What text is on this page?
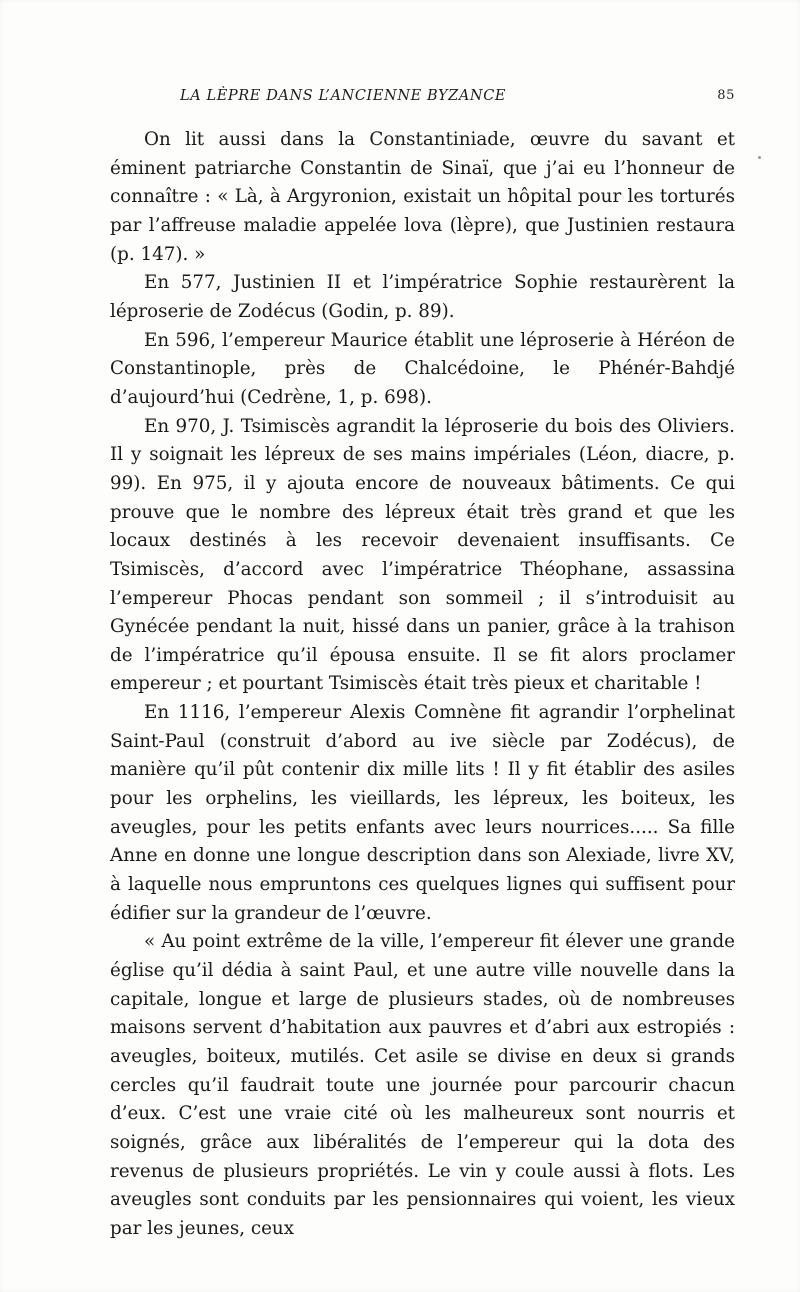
LA LÈPRE DANS L’ANCIENNE BYZANCE	85

On lit aussi dans la Constantiniade, œuvre du savant et éminent patriarche Constantin de Sinaï, que j’ai eu l’honneur de connaître : « Là, à Argyronion, existait un hôpital pour les torturés par l’affreuse maladie appelée lova (lèpre), que Justinien restaura (p. 147). »

En 577, Justinien II et l’impératrice Sophie restaurèrent la léproserie de Zodécus (Godin, p. 89).

En 596, l’empereur Maurice établit une léproserie à Héréon de Constantinople, près de Chalcédoine, le Phénér-Bahdjé d’aujourd’hui (Cedrène, 1, p. 698).

En 970, J. Tsimiscès agrandit la léproserie du bois des Oliviers. Il y soignait les lépreux de ses mains impériales (Léon, diacre, p. 99). En 975, il y ajouta encore de nouveaux bâtiments. Ce qui prouve que le nombre des lépreux était très grand et que les locaux destinés à les recevoir devenaient insuffisants. Ce Tsimiscès, d’accord avec l’impératrice Théophane, assassina l’empereur Phocas pendant son sommeil ; il s’introduisit au Gynécée pendant la nuit, hissé dans un panier, grâce à la trahison de l’impératrice qu’il épousa ensuite. Il se fit alors proclamer empereur ; et pourtant Tsimiscès était très pieux et charitable !

En 1116, l’empereur Alexis Comnène fit agrandir l’orphelinat Saint-Paul (construit d’abord au ive siècle par Zodécus), de manière qu’il pût contenir dix mille lits ! Il y fit établir des asiles pour les orphelins, les vieillards, les lépreux, les boiteux, les aveugles, pour les petits enfants avec leurs nourrices..... Sa fille Anne en donne une longue description dans son Alexiade, livre XV, à laquelle nous empruntons ces quelques lignes qui suffisent pour édifier sur la grandeur de l’œuvre.

« Au point extrême de la ville, l’empereur fit élever une grande église qu’il dédia à saint Paul, et une autre ville nouvelle dans la capitale, longue et large de plusieurs stades, où de nombreuses maisons servent d’habitation aux pauvres et d’abri aux estropiés : aveugles, boiteux, mutilés. Cet asile se divise en deux si grands cercles qu’il faudrait toute une journée pour parcourir chacun d’eux. C’est une vraie cité où les malheureux sont nourris et soignés, grâce aux libéralités de l’empereur qui la dota des revenus de plusieurs propriétés. Le vin y coule aussi à flots. Les aveugles sont conduits par les pensionnaires qui voient, les vieux par les jeunes, ceux
